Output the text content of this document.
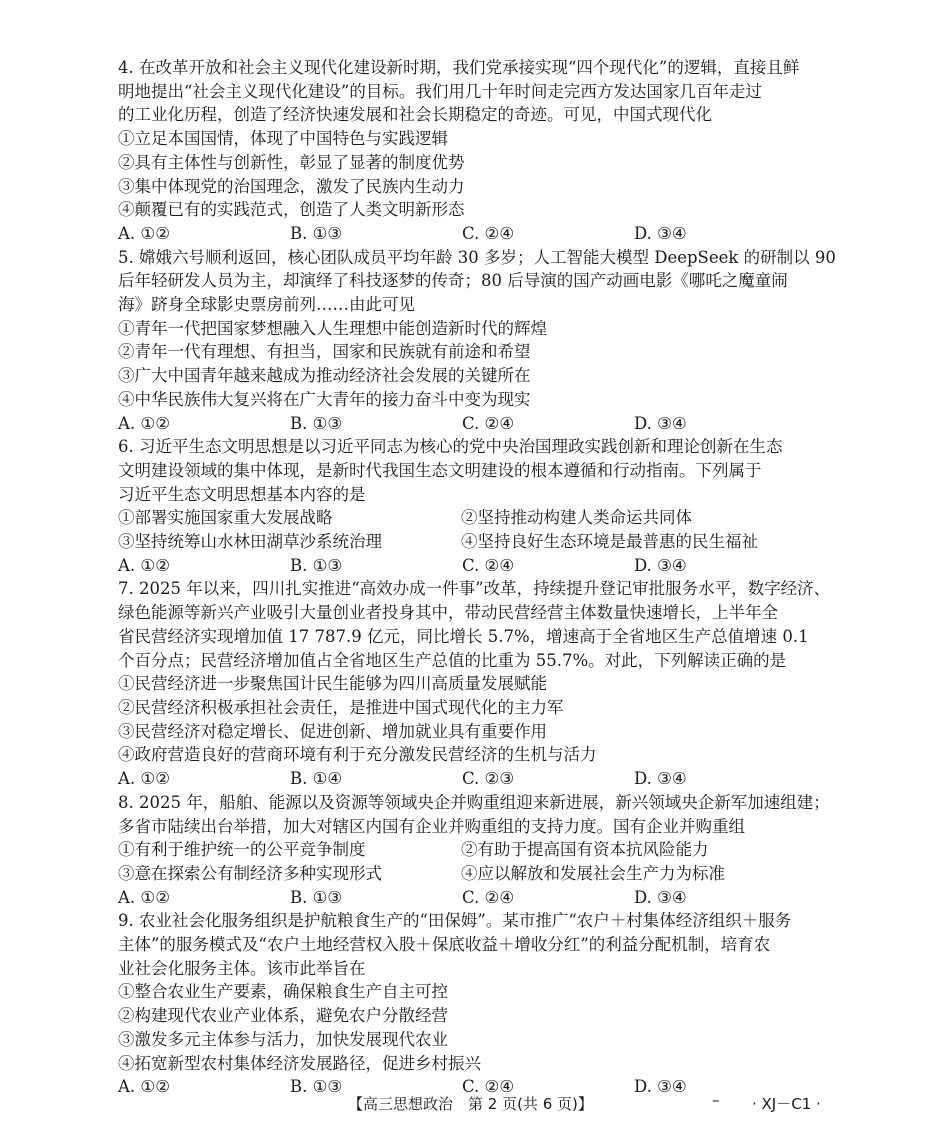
4. 在改革开放和社会主义现代化建设新时期，我们党承接实现“四个现代化”的逻辑，直接且鲜
明地提出“社会主义现代化建设”的目标。我们用几十年时间走完西方发达国家几百年走过
的工业化历程，创造了经济快速发展和社会长期稳定的奇迹。可见，中国式现代化
①立足本国国情，体现了中国特色与实践逻辑
②具有主体性与创新性，彰显了显著的制度优势
③集中体现党的治国理念，激发了民族内生动力
④颠覆已有的实践范式，创造了人类文明新形态
A. ①②	B. ①③	C. ②④	D. ③④
5. 嫦娥六号顺利返回，核心团队成员平均年龄 30 多岁；人工智能大模型 DeepSeek 的研制以 90
后年轻研发人员为主，却演绎了科技逐梦的传奇；80 后导演的国产动画电影《哪吒之魔童闹
海》跻身全球影史票房前列……由此可见
①青年一代把国家梦想融入人生理想中能创造新时代的辉煌
②青年一代有理想、有担当，国家和民族就有前途和希望
③广大中国青年越来越成为推动经济社会发展的关键所在
④中华民族伟大复兴将在广大青年的接力奋斗中变为现实
A. ①②	B. ①③	C. ②④	D. ③④
6. 习近平生态文明思想是以习近平同志为核心的党中央治国理政实践创新和理论创新在生态
文明建设领域的集中体现，是新时代我国生态文明建设的根本遵循和行动指南。下列属于
习近平生态文明思想基本内容的是
①部署实施国家重大发展战略	②坚持推动构建人类命运共同体
③坚持统筹山水林田湖草沙系统治理	④坚持良好生态环境是最普惠的民生福祉
A. ①②	B. ①③	C. ②④	D. ③④
7. 2025 年以来，四川扎实推进“高效办成一件事”改革，持续提升登记审批服务水平，数字经济、
绿色能源等新兴产业吸引大量创业者投身其中，带动民营经营主体数量快速增长，上半年全
省民营经济实现增加值 17 787.9 亿元，同比增长 5.7%，增速高于全省地区生产总值增速 0.1
个百分点；民营经济增加值占全省地区生产总值的比重为 55.7%。对此，下列解读正确的是
①民营经济进一步聚焦国计民生能够为四川高质量发展赋能
②民营经济积极承担社会责任，是推进中国式现代化的主力军
③民营经济对稳定增长、促进创新、增加就业具有重要作用
④政府营造良好的营商环境有利于充分激发民营经济的生机与活力
A. ①②	B. ①④	C. ②③	D. ③④
8. 2025 年，船舶、能源以及资源等领域央企并购重组迎来新进展，新兴领域央企新军加速组建；
多省市陆续出台举措，加大对辖区内国有企业并购重组的支持力度。国有企业并购重组
①有利于维护统一的公平竞争制度	②有助于提高国有资本抗风险能力
③意在探索公有制经济多种实现形式	④应以解放和发展社会生产力为标准
A. ①②	B. ①③	C. ②④	D. ③④
9. 农业社会化服务组织是护航粮食生产的“田保姆”。某市推广“农户＋村集体经济组织＋服务
主体”的服务模式及“农户土地经营权入股＋保底收益＋增收分红”的利益分配机制，培育农
业社会化服务主体。该市此举旨在
①整合农业生产要素，确保粮食生产自主可控
②构建现代农业产业体系，避免农户分散经营
③激发多元主体参与活力，加快发展现代农业
④拓宽新型农村集体经济发展路径，促进乡村振兴
A. ①②	B. ①③	C. ②④	D. ③④
【高三思想政治　第 2 页(共 6 页)】	– · XJ－C1 ·
